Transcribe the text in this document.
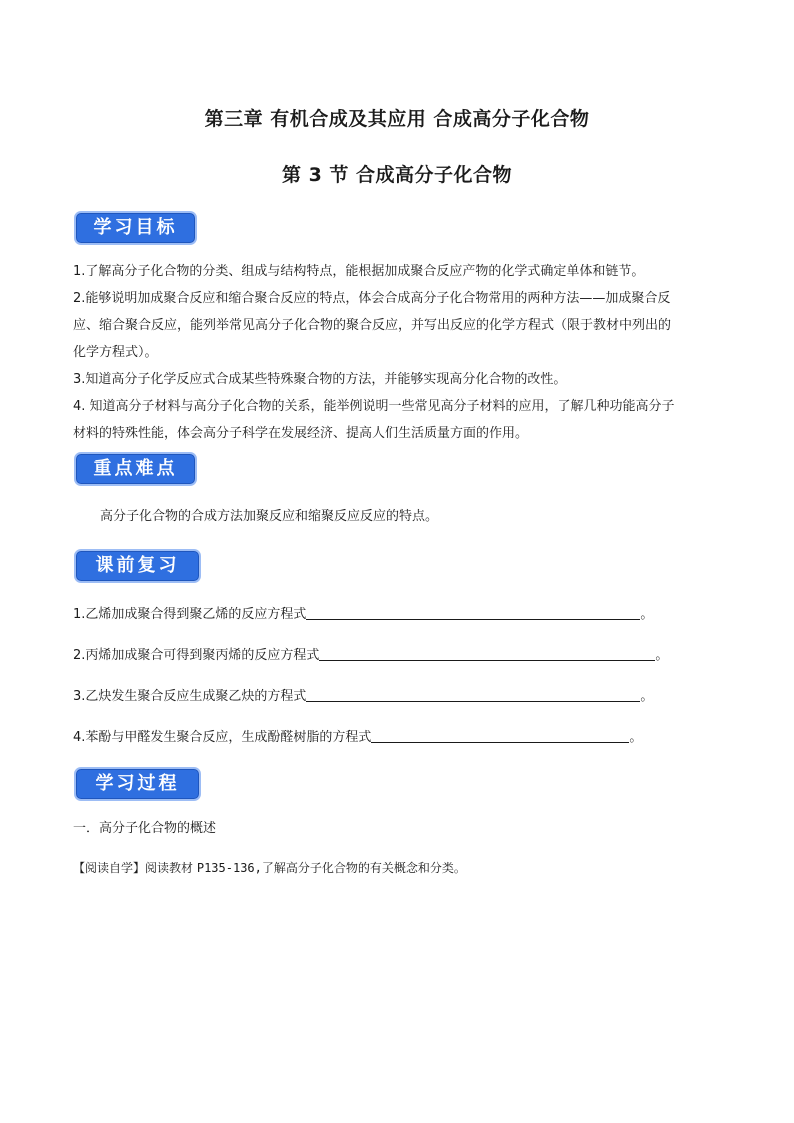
第三章 有机合成及其应用 合成高分子化合物
第 3 节 合成高分子化合物
学习目标
1.了解高分子化合物的分类、组成与结构特点，能根据加成聚合反应产物的化学式确定单体和链节。
2.能够说明加成聚合反应和缩合聚合反应的特点，体会合成高分子化合物常用的两种方法——加成聚合反
应、缩合聚合反应，能列举常见高分子化合物的聚合反应，并写出反应的化学方程式（限于教材中列出的
化学方程式）。
3.知道高分子化学反应式合成某些特殊聚合物的方法，并能够实现高分化合物的改性。
4. 知道高分子材料与高分子化合物的关系，能举例说明一些常见高分子材料的应用，了解几种功能高分子
材料的特殊性能，体会高分子科学在发展经济、提高人们生活质量方面的作用。
重点难点
高分子化合物的合成方法加聚反应和缩聚反应反应的特点。
课前复习
1.乙烯加成聚合得到聚乙烯的反应方程式	。
2.丙烯加成聚合可得到聚丙烯的反应方程式	。
3.乙炔发生聚合反应生成聚乙炔的方程式	。
4.苯酚与甲醛发生聚合反应，生成酚醛树脂的方程式	。
学习过程
一．高分子化合物的概述
【阅读自学】阅读教材 P135-136,了解高分子化合物的有关概念和分类。
